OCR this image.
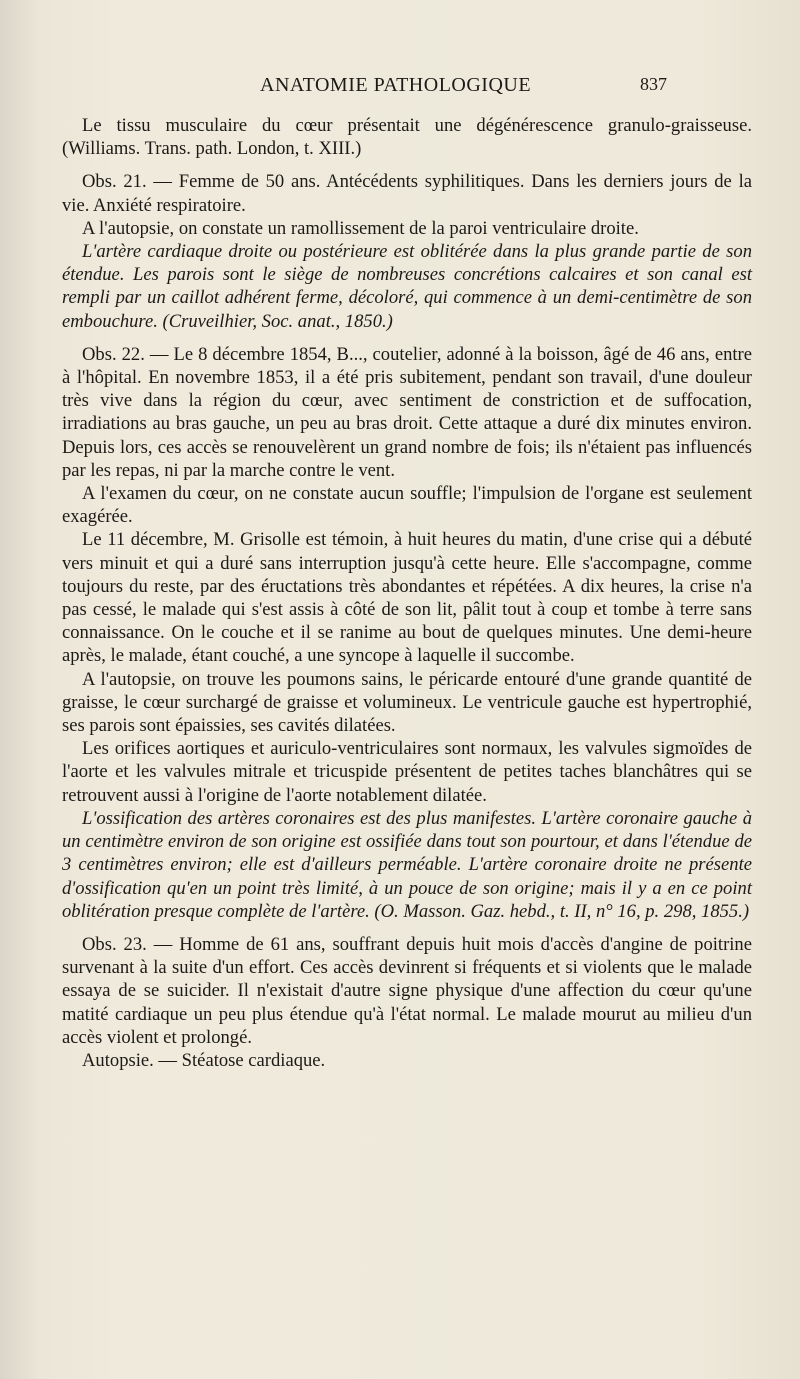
ANATOMIE PATHOLOGIQUE	837

Le tissu musculaire du cœur présentait une dégénérescence granulo-graisseuse. (Williams. Trans. path. London, t. XIII.)

Obs. 21. — Femme de 50 ans. Antécédents syphilitiques. Dans les derniers jours de la vie. Anxiété respiratoire.

A l'autopsie, on constate un ramollissement de la paroi ventriculaire droite.

L'artère cardiaque droite ou postérieure est oblitérée dans la plus grande partie de son étendue. Les parois sont le siège de nombreuses concrétions calcaires et son canal est rempli par un caillot adhérent ferme, décoloré, qui commence à un demi-centimètre de son embouchure. (Cruveilhier, Soc. anat., 1850.)

Obs. 22. — Le 8 décembre 1854, B..., coutelier, adonné à la boisson, âgé de 46 ans, entre à l'hôpital. En novembre 1853, il a été pris subitement, pendant son travail, d'une douleur très vive dans la région du cœur, avec sentiment de constriction et de suffocation, irradiations au bras gauche, un peu au bras droit. Cette attaque a duré dix minutes environ. Depuis lors, ces accès se renouvelèrent un grand nombre de fois; ils n'étaient pas influencés par les repas, ni par la marche contre le vent.

A l'examen du cœur, on ne constate aucun souffle; l'impulsion de l'organe est seulement exagérée.

Le 11 décembre, M. Grisolle est témoin, à huit heures du matin, d'une crise qui a débuté vers minuit et qui a duré sans interruption jusqu'à cette heure. Elle s'accompagne, comme toujours du reste, par des éructations très abondantes et répétées. A dix heures, la crise n'a pas cessé, le malade qui s'est assis à côté de son lit, pâlit tout à coup et tombe à terre sans connaissance. On le couche et il se ranime au bout de quelques minutes. Une demi-heure après, le malade, étant couché, a une syncope à laquelle il succombe.

A l'autopsie, on trouve les poumons sains, le péricarde entouré d'une grande quantité de graisse, le cœur surchargé de graisse et volumineux. Le ventricule gauche est hypertrophié, ses parois sont épaissies, ses cavités dilatées.

Les orifices aortiques et auriculo-ventriculaires sont normaux, les valvules sigmoïdes de l'aorte et les valvules mitrale et tricuspide présentent de petites taches blanchâtres qui se retrouvent aussi à l'origine de l'aorte notablement dilatée.

L'ossification des artères coronaires est des plus manifestes. L'artère coronaire gauche à un centimètre environ de son origine est ossifiée dans tout son pourtour, et dans l'étendue de 3 centimètres environ; elle est d'ailleurs perméable. L'artère coronaire droite ne présente d'ossification qu'en un point très limité, à un pouce de son origine; mais il y a en ce point oblitération presque complète de l'artère. (O. Masson. Gaz. hebd., t. II, n° 16, p. 298, 1855.)

Obs. 23. — Homme de 61 ans, souffrant depuis huit mois d'accès d'angine de poitrine survenant à la suite d'un effort. Ces accès devinrent si fréquents et si violents que le malade essaya de se suicider. Il n'existait d'autre signe physique d'une affection du cœur qu'une matité cardiaque un peu plus étendue qu'à l'état normal. Le malade mourut au milieu d'un accès violent et prolongé.

Autopsie. — Stéatose cardiaque.
